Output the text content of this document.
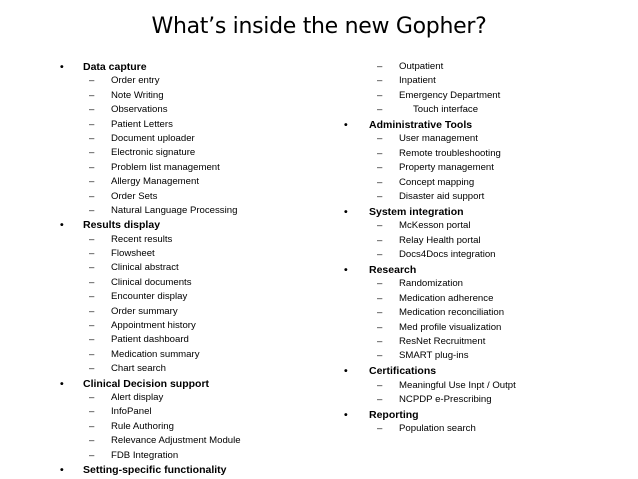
What’s inside the new Gopher?
• Data capture
– Order entry
– Note Writing
– Observations
– Patient Letters
– Document uploader
– Electronic signature
– Problem list management
– Allergy Management
– Order Sets
– Natural Language Processing
• Results display
– Recent results
– Flowsheet
– Clinical abstract
– Clinical documents
– Encounter display
– Order summary
– Appointment history
– Patient dashboard
– Medication summary
– Chart search
• Clinical Decision support
– Alert display
– InfoPanel
– Rule Authoring
– Relevance Adjustment Module
– FDB Integration
• Setting-specific functionality
– Outpatient
– Inpatient
– Emergency Department
–	Touch interface
• Administrative Tools
– User management
– Remote troubleshooting
– Property management
– Concept mapping
– Disaster aid support
• System integration
– McKesson portal
– Relay Health portal
– Docs4Docs integration
• Research
– Randomization
– Medication adherence
– Medication reconciliation
– Med profile visualization
– ResNet Recruitment
– SMART plug-ins
• Certifications
– Meaningful Use Inpt / Outpt
– NCPDP e-Prescribing
• Reporting
– Population search
